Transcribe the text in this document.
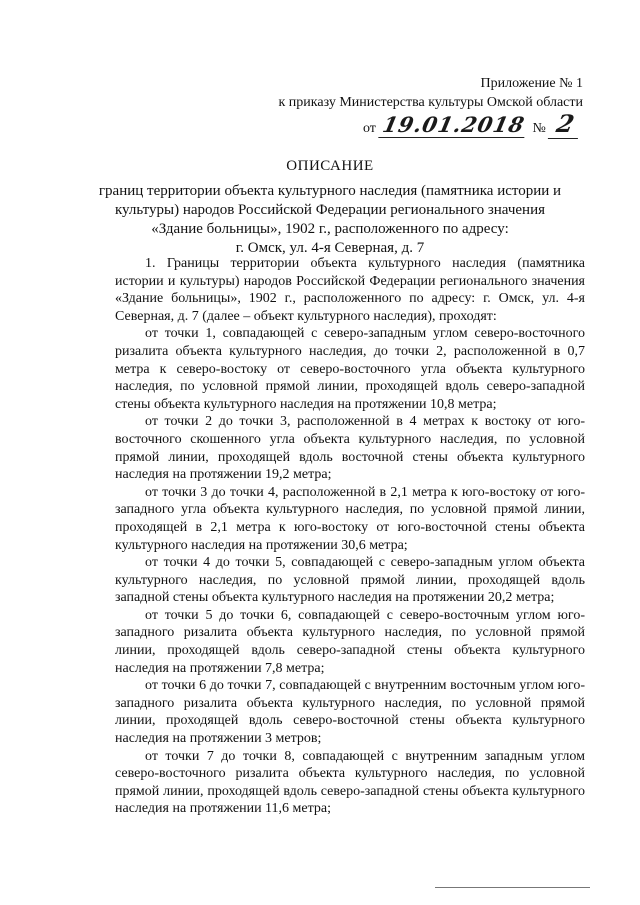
Приложение № 1
к приказу Министерства культуры Омской области
от 19.01.2018 № 2
ОПИСАНИЕ
границ территории объекта культурного наследия (памятника истории и
культуры) народов Российской Федерации регионального значения
«Здание больницы», 1902 г., расположенного по адресу:
г. Омск, ул. 4-я Северная, д. 7

1. Границы территории объекта культурного наследия (памятника истории и культуры) народов Российской Федерации регионального значения «Здание больницы», 1902 г., расположенного по адресу: г. Омск, ул. 4-я Северная, д. 7 (далее – объект культурного наследия), проходят:

от точки 1, совпадающей с северо-западным углом северо-восточного ризалита объекта культурного наследия, до точки 2, расположенной в 0,7 метра к северо-востоку от северо-восточного угла объекта культурного наследия, по условной прямой линии, проходящей вдоль северо-западной стены объекта культурного наследия на протяжении 10,8 метра;

от точки 2 до точки 3, расположенной в 4 метрах к востоку от юго-восточного скошенного угла объекта культурного наследия, по условной прямой линии, проходящей вдоль восточной стены объекта культурного наследия на протяжении 19,2 метра;

от точки 3 до точки 4, расположенной в 2,1 метра к юго-востоку от юго-западного угла объекта культурного наследия, по условной прямой линии, проходящей в 2,1 метра к юго-востоку от юго-восточной стены объекта культурного наследия на протяжении 30,6 метра;

от точки 4 до точки 5, совпадающей с северо-западным углом объекта культурного наследия, по условной прямой линии, проходящей вдоль западной стены объекта культурного наследия на протяжении 20,2 метра;

от точки 5 до точки 6, совпадающей с северо-восточным углом юго-западного ризалита объекта культурного наследия, по условной прямой линии, проходящей вдоль северо-западной стены объекта культурного наследия на протяжении 7,8 метра;

от точки 6 до точки 7, совпадающей с внутренним восточным углом юго-западного ризалита объекта культурного наследия, по условной прямой линии, проходящей вдоль северо-восточной стены объекта культурного наследия на протяжении 3 метров;

от точки 7 до точки 8, совпадающей с внутренним западным углом северо-восточного ризалита объекта культурного наследия, по условной прямой линии, проходящей вдоль северо-западной стены объекта культурного наследия на протяжении 11,6 метра;
